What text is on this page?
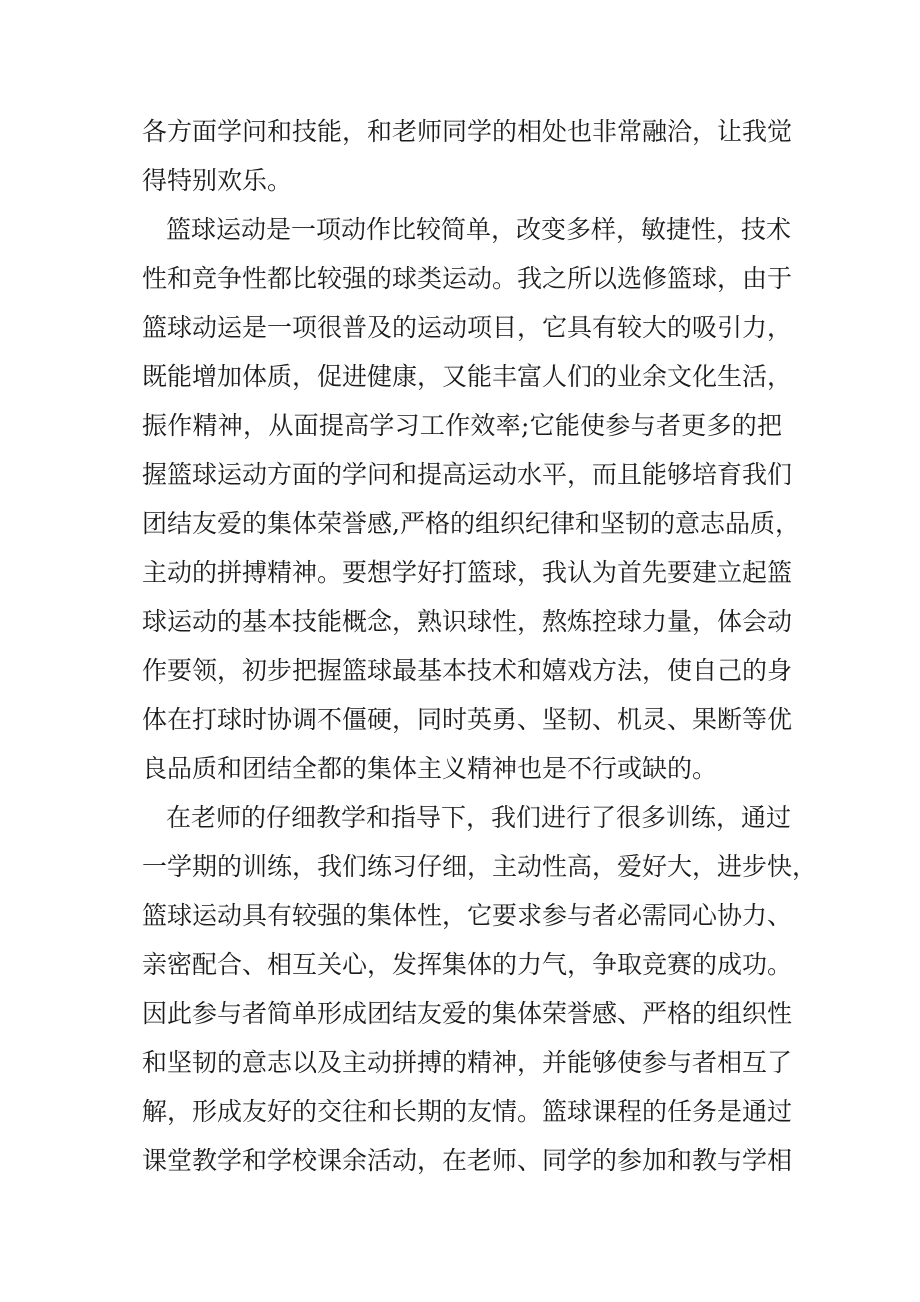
各方面学问和技能，和老师同学的相处也非常融洽，让我觉
得特别欢乐。
篮球运动是一项动作比较简单，改变多样，敏捷性，技术
性和竞争性都比较强的球类运动。我之所以选修篮球，由于
篮球动运是一项很普及的运动项目，它具有较大的吸引力，
既能增加体质，促进健康，又能丰富人们的业余文化生活，
振作精神，从面提高学习工作效率;它能使参与者更多的把
握篮球运动方面的学问和提高运动水平，而且能够培育我们
团结友爱的集体荣誉感,严格的组织纪律和坚韧的意志品质，
主动的拼搏精神。要想学好打篮球，我认为首先要建立起篮
球运动的基本技能概念，熟识球性，熬炼控球力量，体会动
作要领，初步把握篮球最基本技术和嬉戏方法，使自己的身
体在打球时协调不僵硬，同时英勇、坚韧、机灵、果断等优
良品质和团结全都的集体主义精神也是不行或缺的。
在老师的仔细教学和指导下，我们进行了很多训练，通过
一学期的训练，我们练习仔细，主动性高，爱好大，进步快，
篮球运动具有较强的集体性，它要求参与者必需同心协力、
亲密配合、相互关心，发挥集体的力气，争取竞赛的成功。
因此参与者简单形成团结友爱的集体荣誉感、严格的组织性
和坚韧的意志以及主动拼搏的精神，并能够使参与者相互了
解，形成友好的交往和长期的友情。篮球课程的任务是通过
课堂教学和学校课余活动，在老师、同学的参加和教与学相
